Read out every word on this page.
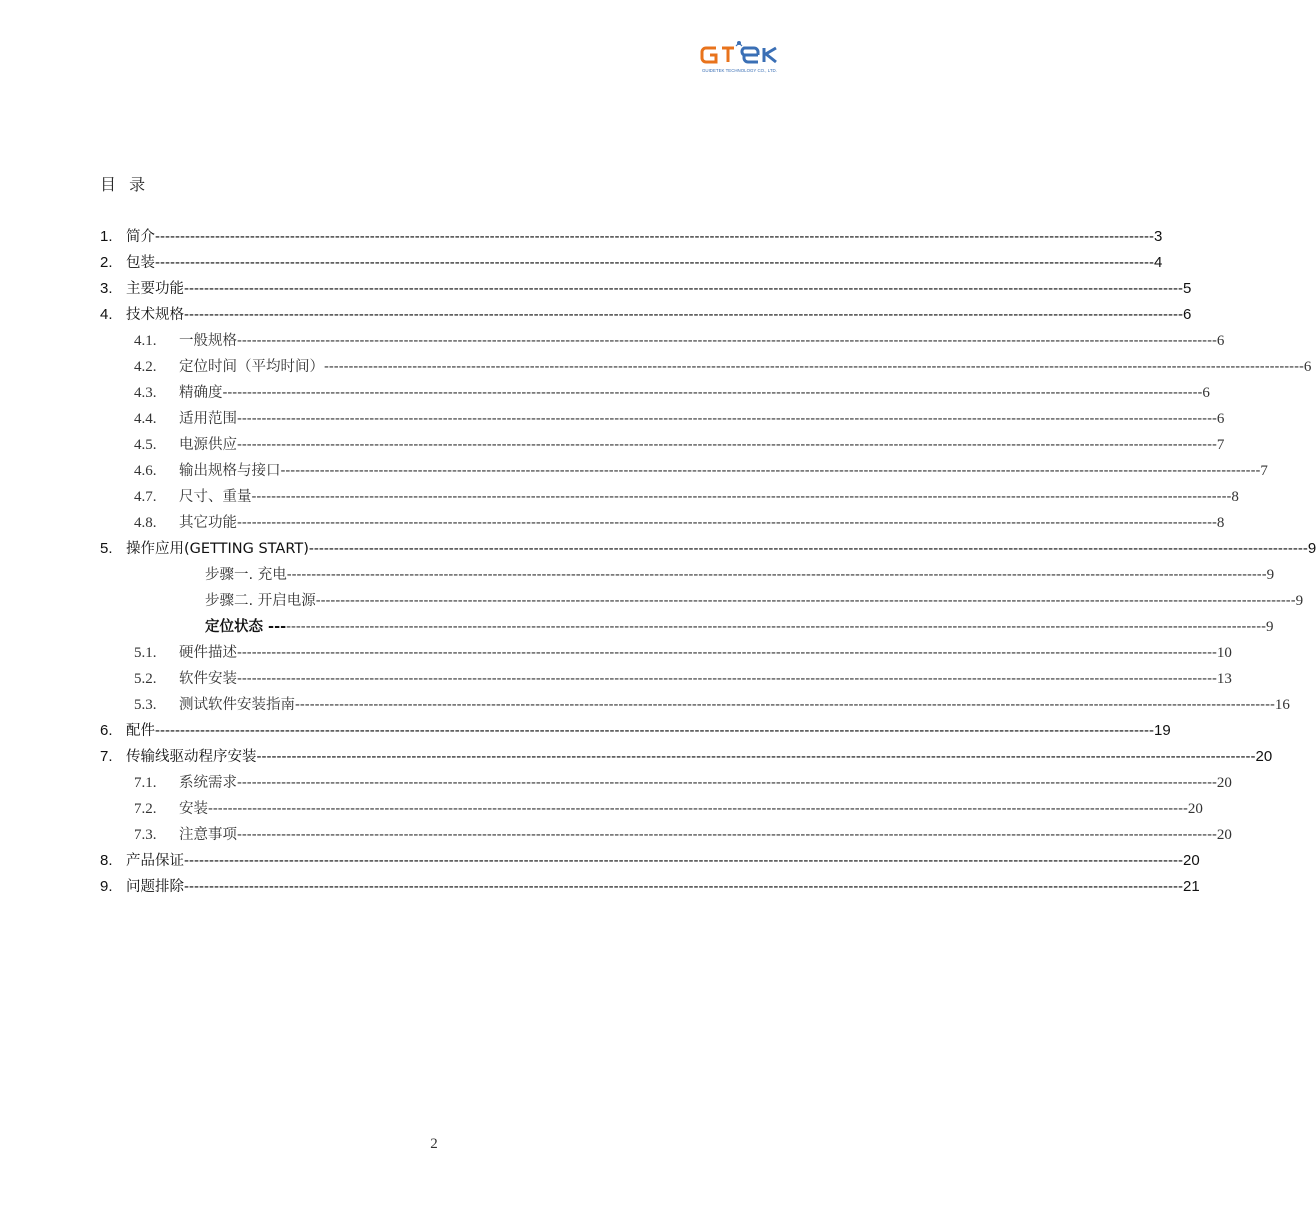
GUIDETEK TECHNOLOGY CO., LTD.
目 录
1. 简介 -------------------------------------------------------------------------------------------------------------------------------------------------------------------------------------------------------- 3
2. 包装 -------------------------------------------------------------------------------------------------------------------------------------------------------------------------------------------------------- 4
3. 主要功能 -------------------------------------------------------------------------------------------------------------------------------------------------------------------------------------------------------- 5
4. 技术规格 -------------------------------------------------------------------------------------------------------------------------------------------------------------------------------------------------------- 6
4.1.	一般规格 -------------------------------------------------------------------------------------------------------------------------------------------------------------------------------------------------------- 6
4.2.	定位时间（平均时间） -------------------------------------------------------------------------------------------------------------------------------------------------------------------------------------------------------- 6
4.3.	精确度 -------------------------------------------------------------------------------------------------------------------------------------------------------------------------------------------------------- 6
4.4.	适用范围 -------------------------------------------------------------------------------------------------------------------------------------------------------------------------------------------------------- 6
4.5.	电源供应 -------------------------------------------------------------------------------------------------------------------------------------------------------------------------------------------------------- 7
4.6.	输出规格与接口 -------------------------------------------------------------------------------------------------------------------------------------------------------------------------------------------------------- 7
4.7.	尺寸、重量 -------------------------------------------------------------------------------------------------------------------------------------------------------------------------------------------------------- 8
4.8.	其它功能 -------------------------------------------------------------------------------------------------------------------------------------------------------------------------------------------------------- 8
5. 操作应用(GETTING START) -------------------------------------------------------------------------------------------------------------------------------------------------------------------------------------------------------- 9
步骤一. 充电 -------------------------------------------------------------------------------------------------------------------------------------------------------------------------------------------------------- 9
步骤二. 开启电源 -------------------------------------------------------------------------------------------------------------------------------------------------------------------------------------------------------- 9
定位状态 --- -------------------------------------------------------------------------------------------------------------------------------------------------------------------------------------------------------- 9
5.1.	硬件描述 -------------------------------------------------------------------------------------------------------------------------------------------------------------------------------------------------------- 10
5.2.	软件安装 -------------------------------------------------------------------------------------------------------------------------------------------------------------------------------------------------------- 13
5.3.	测试软件安装指南 -------------------------------------------------------------------------------------------------------------------------------------------------------------------------------------------------------- 16
6. 配件 -------------------------------------------------------------------------------------------------------------------------------------------------------------------------------------------------------- 19
7. 传输线驱动程序安装 -------------------------------------------------------------------------------------------------------------------------------------------------------------------------------------------------------- 20
7.1.	系统需求 -------------------------------------------------------------------------------------------------------------------------------------------------------------------------------------------------------- 20
7.2.	安装 -------------------------------------------------------------------------------------------------------------------------------------------------------------------------------------------------------- 20
7.3.	注意事项 -------------------------------------------------------------------------------------------------------------------------------------------------------------------------------------------------------- 20
8. 产品保证 -------------------------------------------------------------------------------------------------------------------------------------------------------------------------------------------------------- 20
9. 问题排除 -------------------------------------------------------------------------------------------------------------------------------------------------------------------------------------------------------- 21
2
